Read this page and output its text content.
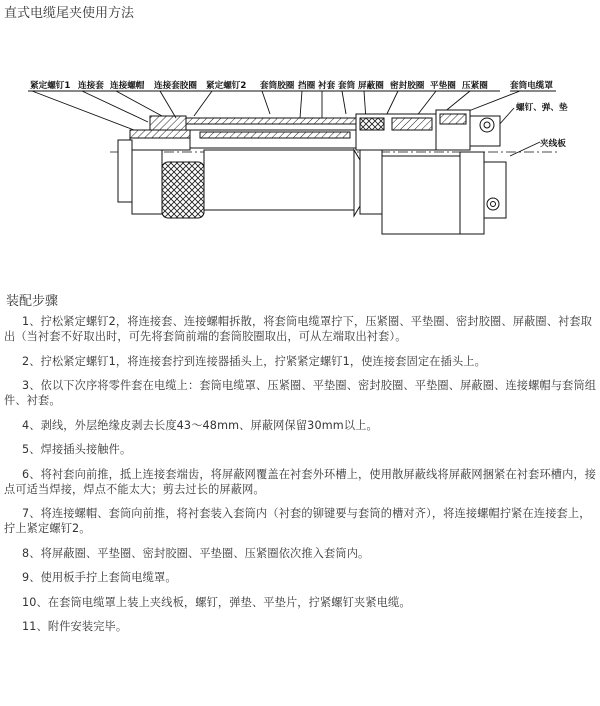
直式电缆尾夹使用方法
紧定螺钉1 连接套 连接螺帽 连接套胶圈 紧定螺钉2 套筒胶圈 挡圈 衬套 套筒 屏蔽圈 密封胶圈 平垫圈 压紧圈	套筒电缆罩
螺钉、弹、垫
夹线板
装配步骤

1、拧松紧定螺钉2，将连接套、连接螺帽拆散，将套筒电缆罩拧下，压紧圈、平垫圈、密封胶圈、屏蔽圈、衬套取出（当衬套不好取出时，可先将套筒前端的套筒胶圈取出，可从左端取出衬套）。

2、拧松紧定螺钉1，将连接套拧到连接器插头上，拧紧紧定螺钉1，使连接套固定在插头上。

3、依以下次序将零件套在电缆上：套筒电缆罩、压紧圈、平垫圈、密封胶圈、平垫圈、屏蔽圈、连接螺帽与套筒组件、衬套。

4、剥线，外层绝缘皮剥去长度43～48mm、屏蔽网保留30mm以上。

5、焊接插头接触件。

6、将衬套向前推，抵上连接套端齿，将屏蔽网覆盖在衬套外环槽上，使用散屏蔽线将屏蔽网捆紧在衬套环槽内，接点可适当焊接，焊点不能太大；剪去过长的屏蔽网。

7、将连接螺帽、套筒向前推，将衬套装入套筒内（衬套的铆键要与套筒的槽对齐），将连接螺帽拧紧在连接套上，拧上紧定螺钉2。

8、将屏蔽圈、平垫圈、密封胶圈、平垫圈、压紧圈依次推入套筒内。

9、使用板手拧上套筒电缆罩。

10、在套筒电缆罩上装上夹线板，螺钉，弹垫、平垫片，拧紧螺钉夹紧电缆。

11、附件安装完毕。
